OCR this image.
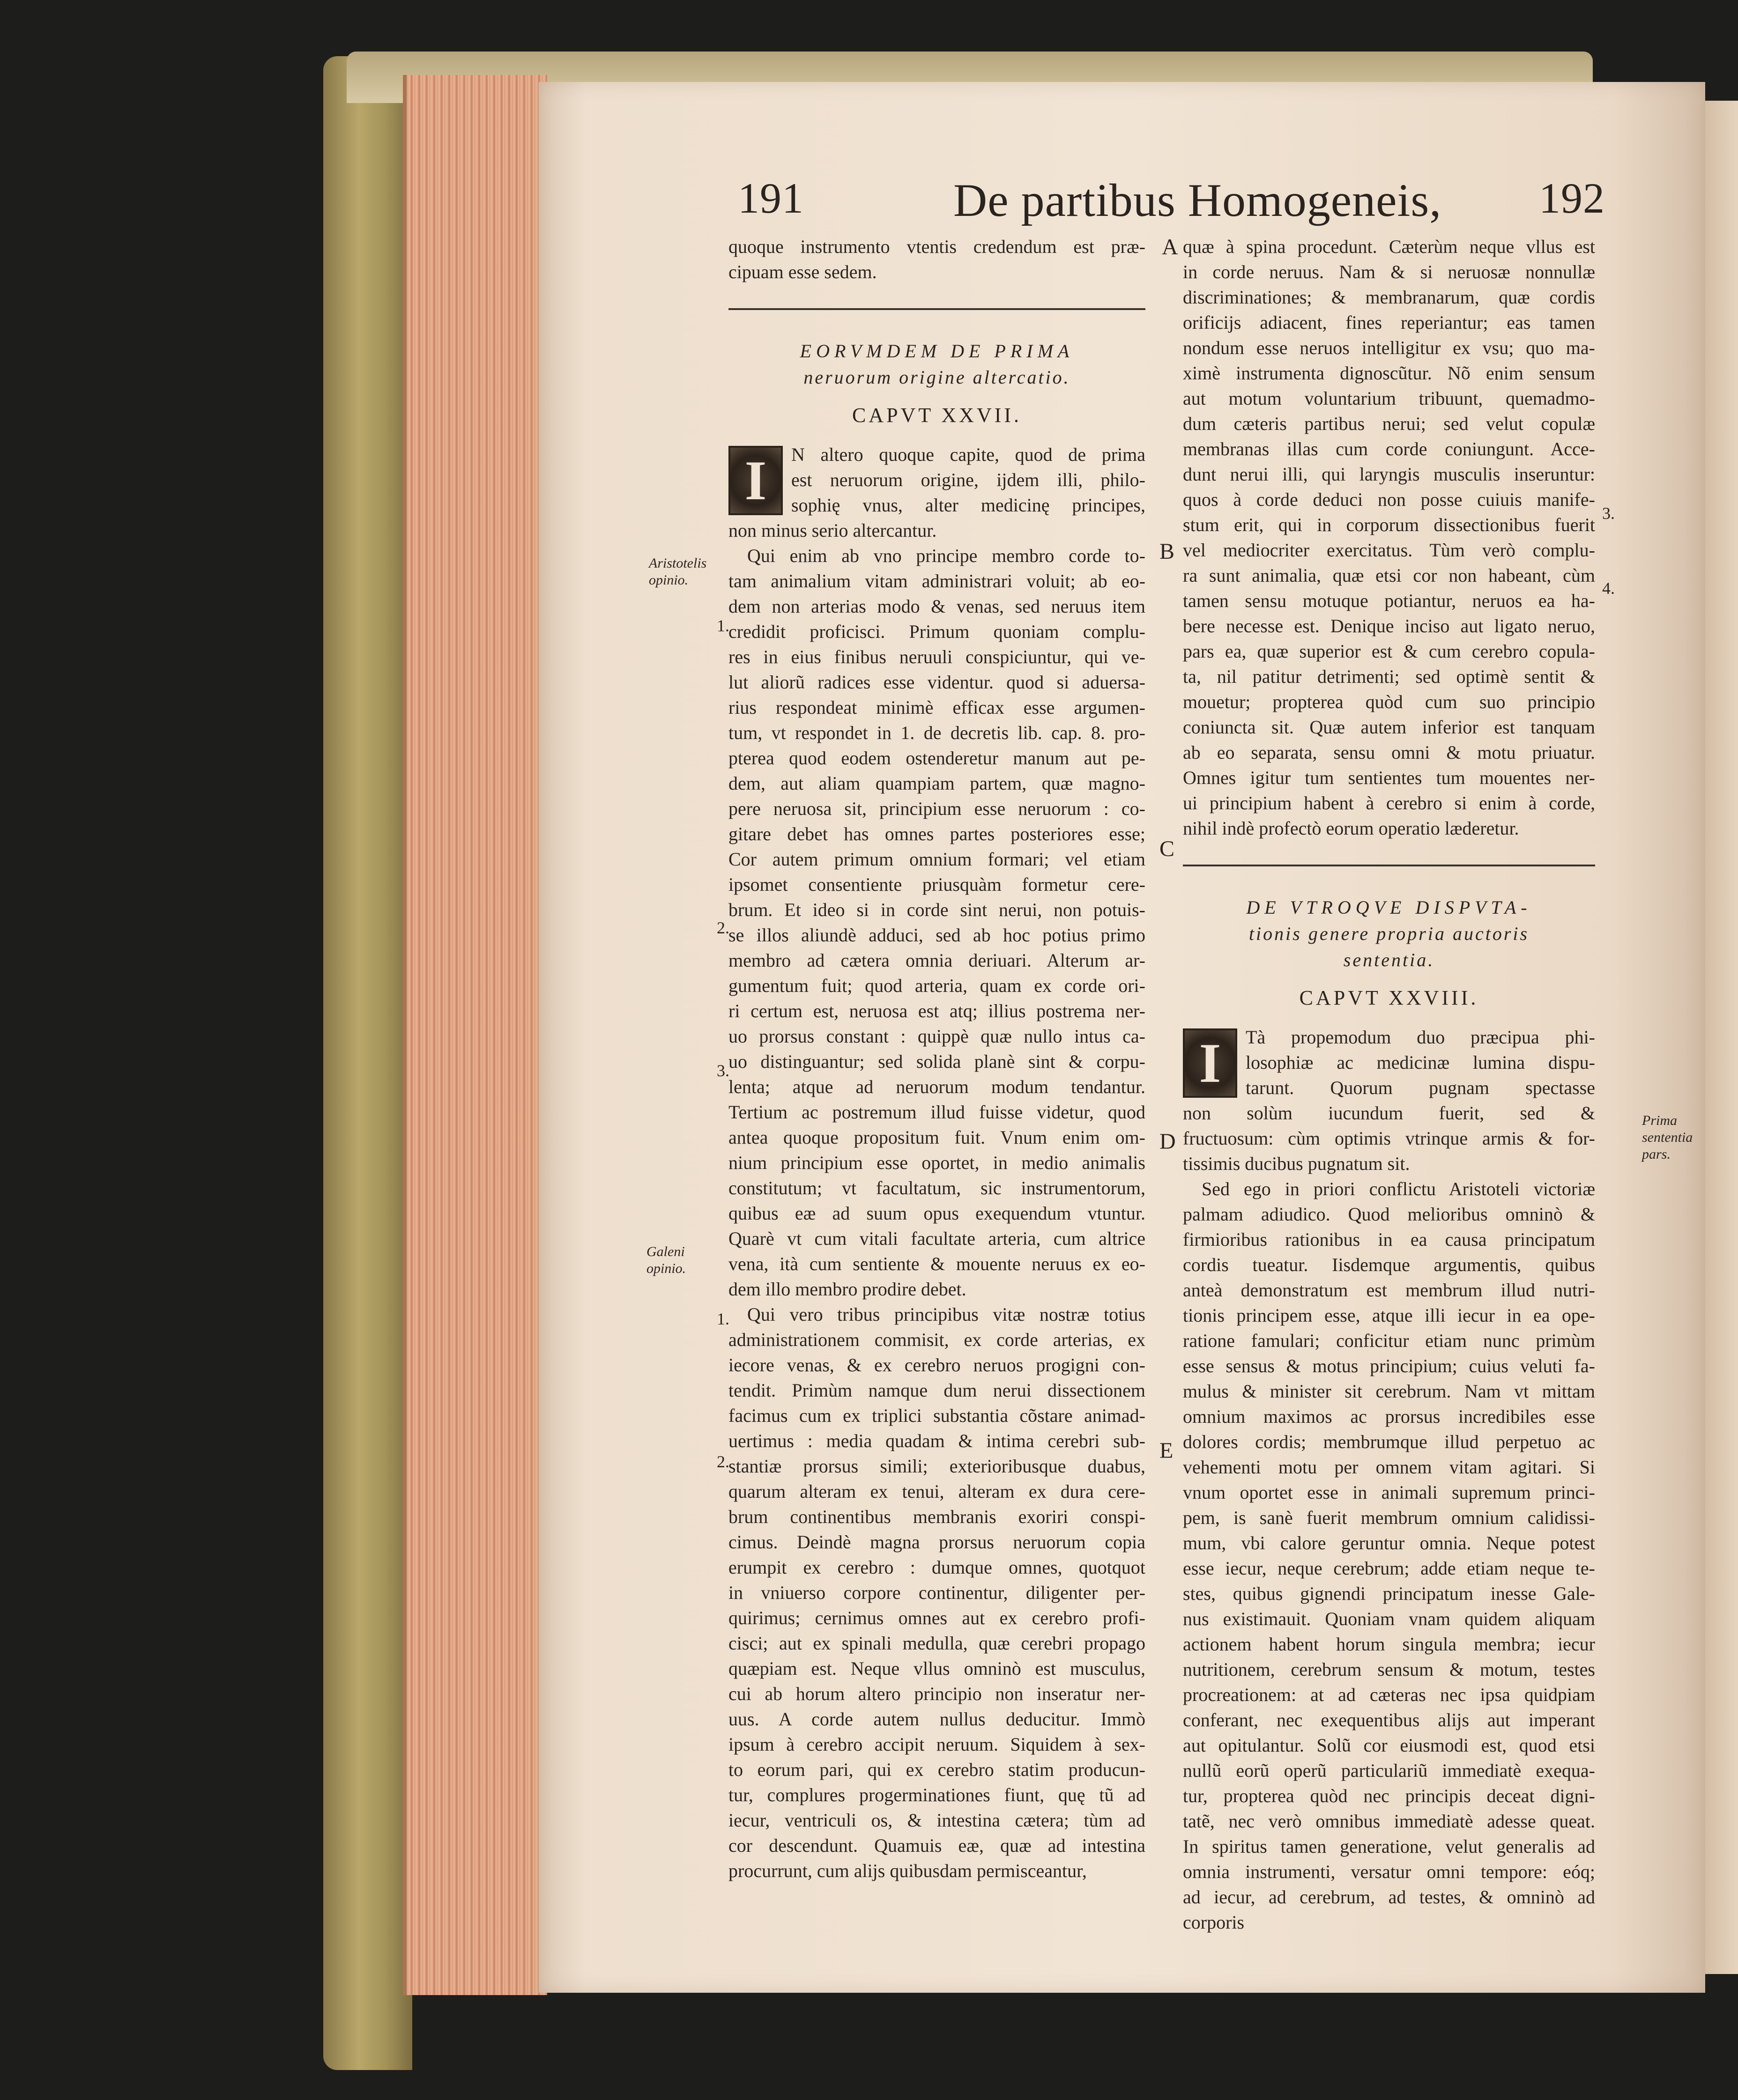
191	De partibus Homogeneis, 192
quoque instrumento vtentis credendum est præ-
cipuam esse sedem.

EORVMDEM DE PRIMA
neruorum origine altercatio.

CAPVT XXVII.
I	N altero quoque capite, quod de prima
est neruorum origine, ijdem illi, philo-
sophię vnus, alter medicinę principes,
non minus serio altercantur.
Qui enim ab vno principe membro corde to-
tam animalium vitam administrari voluit; ab eo-
dem non arterias modo & venas, sed neruus item
credidit proficisci. Primum quoniam complu-
res in eius finibus neruuli conspiciuntur, qui ve-
lut aliorũ radices esse videntur. quod si aduersa-
rius respondeat minimè efficax esse argumen-
tum, vt respondet in 1. de decretis lib. cap. 8. pro-
pterea quod eodem ostenderetur manum aut pe-
dem, aut aliam quampiam partem, quæ magno-
pere neruosa sit, principium esse neruorum : co-
gitare debet has omnes partes posteriores esse;
Cor autem primum omnium formari; vel etiam
ipsomet consentiente priusquàm formetur cere-
brum. Et ideo si in corde sint nerui, non potuis-
se illos aliundè adduci, sed ab hoc potius primo
membro ad cætera omnia deriuari. Alterum ar-
gumentum fuit; quod arteria, quam ex corde ori-
ri certum est, neruosa est atq; illius postrema ner-
uo prorsus constant : quippè quæ nullo intus ca-
uo distinguantur; sed solida planè sint & corpu-
lenta; atque ad neruorum modum tendantur.
Tertium ac postremum illud fuisse videtur, quod
antea quoque propositum fuit. Vnum enim om-
nium principium esse oportet, in medio animalis
constitutum; vt facultatum, sic instrumentorum,
quibus eæ ad suum opus exequendum vtuntur.
Quarè vt cum vitali facultate arteria, cum altrice
vena, ità cum sentiente & mouente neruus ex eo-
dem illo membro prodire debet.
Qui vero tribus principibus vitæ nostræ totius
administrationem commisit, ex corde arterias, ex
iecore venas, & ex cerebro neruos progigni con-
tendit. Primùm namque dum nerui dissectionem
facimus cum ex triplici substantia cõstare animad-
uertimus : media quadam & intima cerebri sub-
stantiæ prorsus simili; exterioribusque duabus,
quarum alteram ex tenui, alteram ex dura cere-
brum continentibus membranis exoriri conspi-
cimus. Deindè magna prorsus neruorum copia
erumpit ex cerebro : dumque omnes, quotquot
in vniuerso corpore continentur, diligenter per-
quirimus; cernimus omnes aut ex cerebro profi-
cisci; aut ex spinali medulla, quæ cerebri propago
quæpiam est. Neque vllus omninò est musculus,
cui ab horum altero principio non inseratur ner-
uus. A corde autem nullus deducitur. Immò
ipsum à cerebro accipit neruum. Siquidem à sex-
to eorum pari, qui ex cerebro statim producun-
tur, complures progerminationes fiunt, quę tũ ad
iecur, ventriculi os, & intestina cætera; tùm ad
cor descendunt. Quamuis eæ, quæ ad intestina
procurrunt, cum alijs quibusdam permisceantur,
quæ à spina procedunt. Cæterùm neque vllus est
in corde neruus. Nam & si neruosæ nonnullæ
discriminationes; & membranarum, quæ cordis
orificijs adiacent, fines reperiantur; eas tamen
nondum esse neruos intelligitur ex vsu; quo ma-
ximè instrumenta dignoscũtur. Nõ enim sensum
aut motum voluntarium tribuunt, quemadmo-
dum cæteris partibus nerui; sed velut copulæ
membranas illas cum corde coniungunt. Acce-
dunt nerui illi, qui laryngis musculis inseruntur:
quos à corde deduci non posse cuiuis manife-
stum erit, qui in corporum dissectionibus fuerit
vel mediocriter exercitatus. Tùm verò complu-
ra sunt animalia, quæ etsi cor non habeant, cùm
tamen sensu motuque potiantur, neruos ea ha-
bere necesse est. Denique inciso aut ligato neruo,
pars ea, quæ superior est & cum cerebro copula-
ta, nil patitur detrimenti; sed optimè sentit &
mouetur; propterea quòd cum suo principio
coniuncta sit. Quæ autem inferior est tanquam
ab eo separata, sensu omni & motu priuatur.
Omnes igitur tum sentientes tum mouentes ner-
ui principium habent à cerebro si enim à corde,
nihil indè profectò eorum operatio læderetur.

DE VTROQVE DISPVTA-
tionis genere propria auctoris
sententia.

CAPVT XXVIII.
I	Tà propemodum duo præcipua phi-
losophiæ ac medicinæ lumina dispu-
tarunt. Quorum pugnam spectasse
non solùm iucundum fuerit, sed &
fructuosum: cùm optimis vtrinque armis & for-
tissimis ducibus pugnatum sit.
Sed ego in priori conflictu Aristoteli victoriæ
palmam adiudico. Quod melioribus omninò &
firmioribus rationibus in ea causa principatum
cordis tueatur. Iisdemque argumentis, quibus
anteà demonstratum est membrum illud nutri-
tionis principem esse, atque illi iecur in ea ope-
ratione famulari; conficitur etiam nunc primùm
esse sensus & motus principium; cuius veluti fa-
mulus & minister sit cerebrum. Nam vt mittam
omnium maximos ac prorsus incredibiles esse
dolores cordis; membrumque illud perpetuo ac
vehementi motu per omnem vitam agitari. Si
vnum oportet esse in animali supremum princi-
pem, is sanè fuerit membrum omnium calidissi-
mum, vbi calore geruntur omnia. Neque potest
esse iecur, neque cerebrum; adde etiam neque te-
stes, quibus gignendi principatum inesse Gale-
nus existimauit. Quoniam vnam quidem aliquam
actionem habent horum singula membra; iecur
nutritionem, cerebrum sensum & motum, testes
procreationem: at ad cæteras nec ipsa quidpiam
conferant, nec exequentibus alijs aut imperant
aut opitulantur. Solũ cor eiusmodi est, quod etsi
nullũ eorũ operũ particulariũ immediatè exequa-
tur, propterea quòd nec principis deceat digni-
tatẽ, nec verò omnibus immediatè adesse queat.
In spiritus tamen generatione, velut generalis ad
omnia instrumenti, versatur omni tempore: eóq;
ad iecur, ad cerebrum, ad testes, & omninò ad
corporis
Aristotelis opinio.
Galeni opinio.
Prima sententia pars.
1.
2.
3.
1.
2.
3.
4.
A
B
C
D
E
